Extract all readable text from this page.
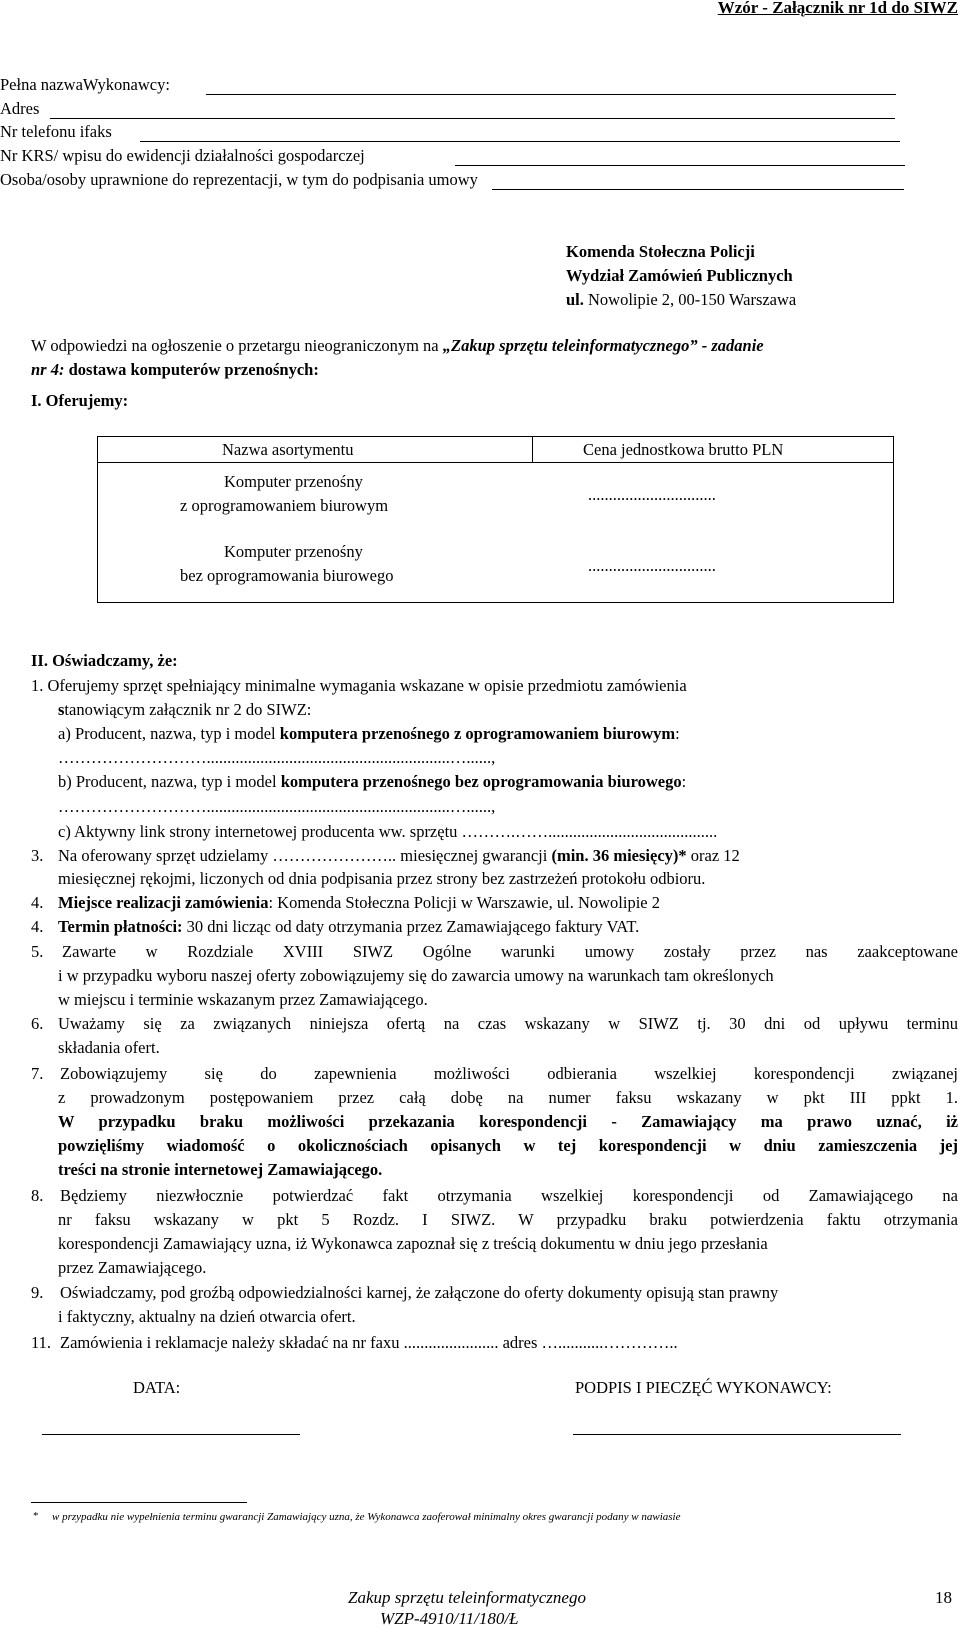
Wzór - Załącznik nr 1d do SIWZ
Pełna nazwaWykonawcy:
Adres
Nr telefonu ifaks
Nr KRS/ wpisu do ewidencji działalności gospodarczej
Osoba/osoby uprawnione do reprezentacji, w tym do podpisania umowy
Komenda Stołeczna Policji
Wydział Zamówień Publicznych
ul. Nowolipie 2, 00-150 Warszawa
W odpowiedzi na ogłoszenie o przetargu nieograniczonym na „Zakup sprzętu teleinformatycznego” - zadanie
nr 4: dostawa komputerów przenośnych:
I. Oferujemy:
Nazwa asortymentu	Cena jednostkowa brutto PLN
Komputer przenośny
z oprogramowaniem biurowym
...............................
Komputer przenośny
bez oprogramowania biurowego
...............................
II. Oświadczamy, że:
1. Oferujemy sprzęt spełniający minimalne wymagania wskazane w opisie przedmiotu zamówienia
stanowiącym załącznik nr 2 do SIWZ:
a) Producent, nazwa, typ i model komputera przenośnego z oprogramowaniem biurowym:
………………………...........................................................…......,
b) Producent, nazwa, typ i model komputera przenośnego bez oprogramowania biurowego:
………………………...........................................................…......,
c) Aktywny link strony internetowej producenta ww. sprzętu ……….…….........................................
3. Na oferowany sprzęt udzielamy ………………….. miesięcznej gwarancji (min. 36 miesięcy)* oraz 12
miesięcznej rękojmi, liczonych od dnia podpisania przez strony bez zastrzeżeń protokołu odbioru.
4. Miejsce realizacji zamówienia: Komenda Stołeczna Policji w Warszawie, ul. Nowolipie 2
4. Termin płatności: 30 dni licząc od daty otrzymania przez Zamawiającego faktury VAT.
5. Zawarte w Rozdziale XVIII SIWZ Ogólne warunki umowy zostały przez nas zaakceptowane
i w przypadku wyboru naszej oferty zobowiązujemy się do zawarcia umowy na warunkach tam określonych
w miejscu i terminie wskazanym przez Zamawiającego.
6. Uważamy się za związanych niniejsza ofertą na czas wskazany w SIWZ tj. 30 dni od upływu terminu
składania ofert.
7. Zobowiązujemy się do zapewnienia możliwości odbierania wszelkiej korespondencji związanej
z prowadzonym postępowaniem przez całą dobę na numer faksu wskazany w pkt III ppkt 1.
W przypadku braku możliwości przekazania korespondencji - Zamawiający ma prawo uznać, iż
powzięliśmy wiadomość o okolicznościach opisanych w tej korespondencji w dniu zamieszczenia jej
treści na stronie internetowej Zamawiającego.
8. Będziemy niezwłocznie potwierdzać fakt otrzymania wszelkiej korespondencji od Zamawiającego na
nr faksu wskazany w pkt 5 Rozdz. I SIWZ. W przypadku braku potwierdzenia faktu otrzymania
korespondencji Zamawiający uzna, iż Wykonawca zapoznał się z treścią dokumentu w dniu jego przesłania
przez Zamawiającego.
9. Oświadczamy, pod groźbą odpowiedzialności karnej, że załączone do oferty dokumenty opisują stan prawny
i faktyczny, aktualny na dzień otwarcia ofert.
11. Zamówienia i reklamacje należy składać na nr faxu ....................... adres …...........…………..
DATA:	PODPIS I PIECZĘĆ WYKONAWCY:
* w przypadku nie wypełnienia terminu gwarancji Zamawiający uzna, że Wykonawca zaoferował minimalny okres gwarancji podany w nawiasie
Zakup sprzętu teleinformatycznego
WZP-4910/11/180/Ł
18
